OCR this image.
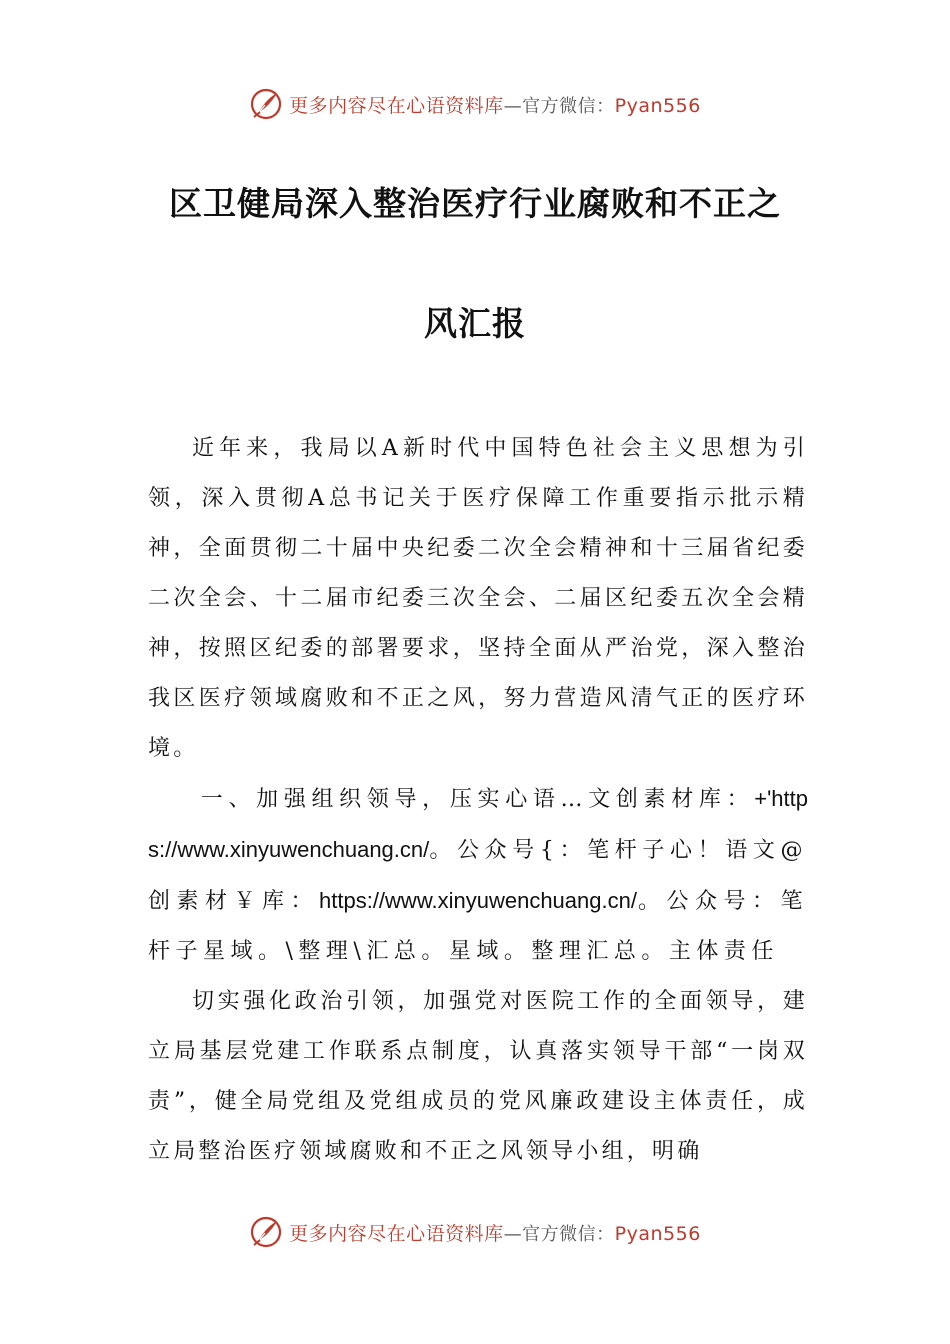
更多内容尽在心语资料库—官方微信：Pyan556
区卫健局深入整治医疗行业腐败和不正之
风汇报

近年来，我局以A新时代中国特色社会主义思想为引领，深入贯彻A总书记关于医疗保障工作重要指示批示精神，全面贯彻二十届中央纪委二次全会精神和十三届省纪委二次全会、十二届市纪委三次全会、二届区纪委五次全会精神，按照区纪委的部署要求，坚持全面从严治党，深入整治我区医疗领域腐败和不正之风，努力营造风清气正的医疗环境。

一、加强组织领导，压实心语…文创素材库：+'https://www.xinyuwenchuang.cn/。公众号{：笔杆子心！语文@创素材￥库：https://www.xinyuwenchuang.cn/。公众号：笔杆子星域。\整理\汇总。星域。整理汇总。主体责任

切实强化政治引领，加强党对医院工作的全面领导，建立局基层党建工作联系点制度，认真落实领导干部“一岗双责”，健全局党组及党组成员的党风廉政建设主体责任，成立局整治医疗领域腐败和不正之风领导小组，明确

更多内容尽在心语资料库—官方微信：Pyan556
